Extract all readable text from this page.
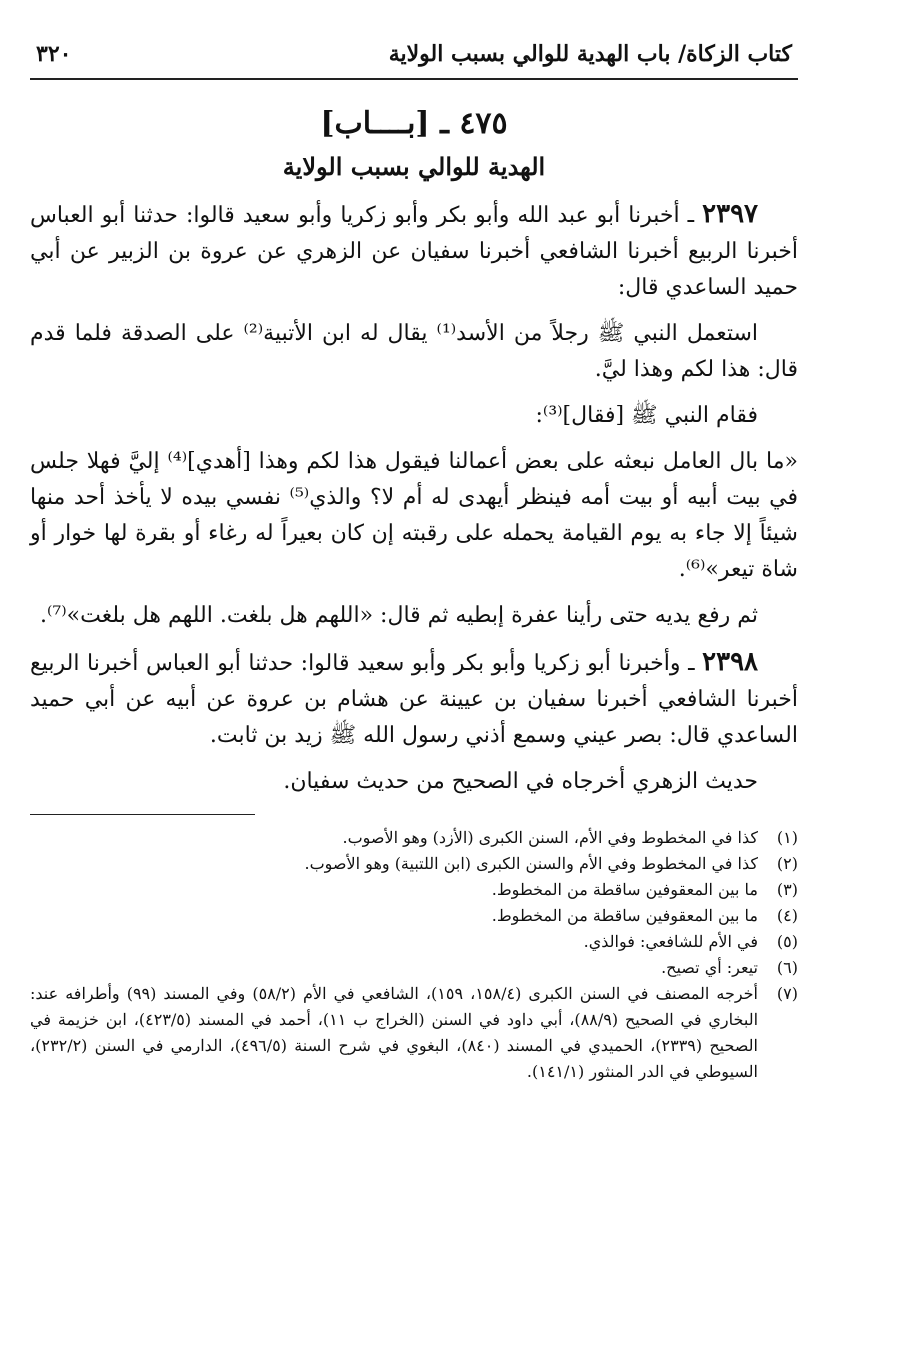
كتاب الزكاة/ باب الهدية للوالي بسبب الولاية
٣٢٠
٤٧٥ ـ [بــــاب]
الهدية للوالي بسبب الولاية

٢٣٩٧ ـ أخبرنا أبو عبد الله وأبو بكر وأبو زكريا وأبو سعيد قالوا: حدثنا أبو العباس أخبرنا الربيع أخبرنا الشافعي أخبرنا سفيان عن الزهري عن عروة بن الزبير عن أبي حميد الساعدي قال:

استعمل النبي ﷺ رجلاً من الأسد⁽¹⁾ يقال له ابن الأتبية⁽²⁾ على الصدقة فلما قدم قال: هذا لكم وهذا ليَّ.

فقام النبي ﷺ [فقال]⁽³⁾:

«ما بال العامل نبعثه على بعض أعمالنا فيقول هذا لكم وهذا [أهدي]⁽⁴⁾ إليَّ فهلا جلس في بيت أبيه أو بيت أمه فينظر أيهدى له أم لا؟ والذي⁽⁵⁾ نفسي بيده لا يأخذ أحد منها شيئاً إلا جاء به يوم القيامة يحمله على رقبته إن كان بعيراً له رغاء أو بقرة لها خوار أو شاة تيعر»⁽⁶⁾.

ثم رفع يديه حتى رأينا عفرة إبطيه ثم قال: «اللهم هل بلغت. اللهم هل بلغت»⁽⁷⁾.

٢٣٩٨ ـ وأخبرنا أبو زكريا وأبو بكر وأبو سعيد قالوا: حدثنا أبو العباس أخبرنا الربيع أخبرنا الشافعي أخبرنا سفيان بن عيينة عن هشام بن عروة عن أبيه عن أبي حميد الساعدي قال: بصر عيني وسمع أذني رسول الله ﷺ زيد بن ثابت.

حديث الزهري أخرجاه في الصحيح من حديث سفيان.

(١)
كذا في المخطوط وفي الأم، السنن الكبرى (الأزد) وهو الأصوب.

(٢)
كذا في المخطوط وفي الأم والسنن الكبرى (ابن اللتبية) وهو الأصوب.

(٣)
ما بين المعقوفين ساقطة من المخطوط.

(٤)
ما بين المعقوفين ساقطة من المخطوط.

(٥)
في الأم للشافعي: فوالذي.

(٦)
تيعر: أي تصيح.

(٧)
أخرجه المصنف في السنن الكبرى (١٥٨/٤، ١٥٩)، الشافعي في الأم (٥٨/٢) وفي المسند (٩٩) وأطرافه عند: البخاري في الصحيح (٨٨/٩)، أبي داود في السنن (الخراج ب ١١)، أحمد في المسند (٤٢٣/٥)، ابن خزيمة في الصحيح (٢٣٣٩)، الحميدي في المسند (٨٤٠)، البغوي في شرح السنة (٤٩٦/٥)، الدارمي في السنن (٢٣٢/٢)، السيوطي في الدر المنثور (١٤١/١).
